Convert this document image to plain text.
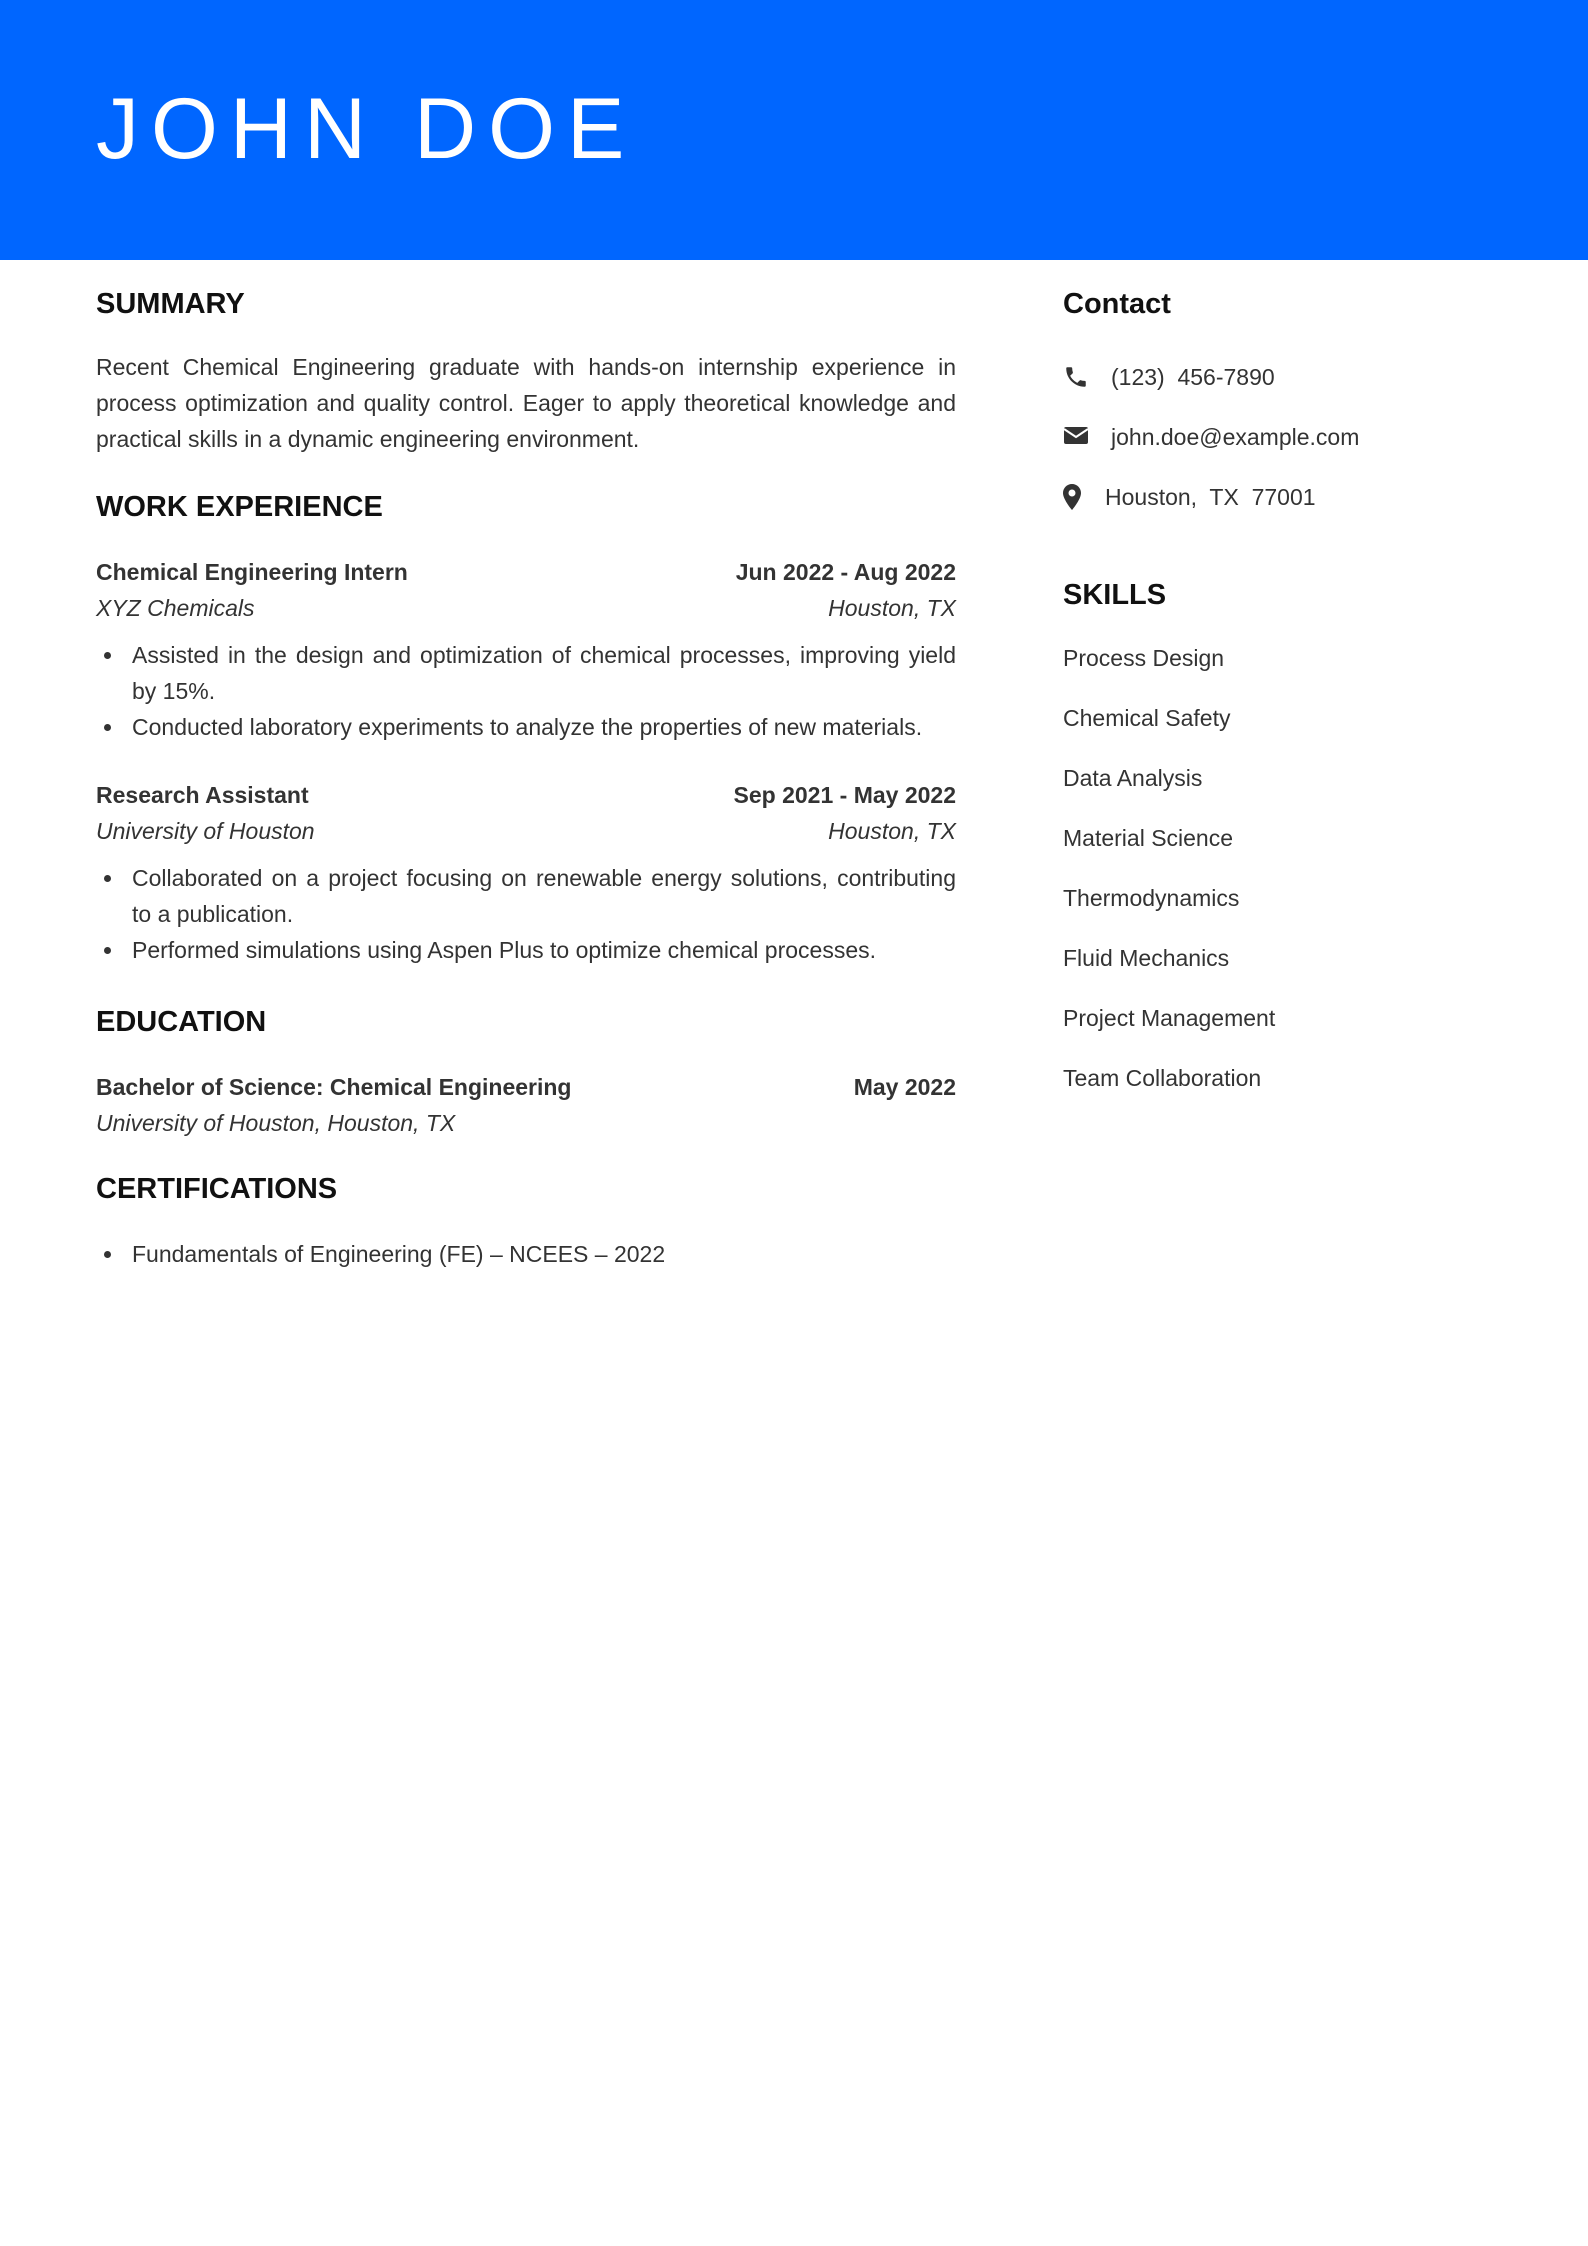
JOHN DOE
SUMMARY

Recent Chemical Engineering graduate with hands-on internship experience in process optimization and quality control. Eager to apply theoretical knowledge and practical skills in a dynamic engineering environment.

WORK EXPERIENCE
Chemical Engineering Intern	Jun 2022 - Aug 2022
XYZ Chemicals	Houston, TX
Assisted in the design and optimization of chemical processes, improving yield by 15%.
Conducted laboratory experiments to analyze the properties of new materials.
Research Assistant	Sep 2021 - May 2022
University of Houston	Houston, TX
Collaborated on a project focusing on renewable energy solutions, contributing to a publication.
Performed simulations using Aspen Plus to optimize chemical processes.
EDUCATION
Bachelor of Science: Chemical Engineering	May 2022
University of Houston, Houston, TX
CERTIFICATIONS
Fundamentals of Engineering (FE) – NCEES – 2022
Contact
(123)  456-7890
john.doe@example.com
Houston,  TX  77001
SKILLS
Process Design
Chemical Safety
Data Analysis
Material Science
Thermodynamics
Fluid Mechanics
Project Management
Team Collaboration
